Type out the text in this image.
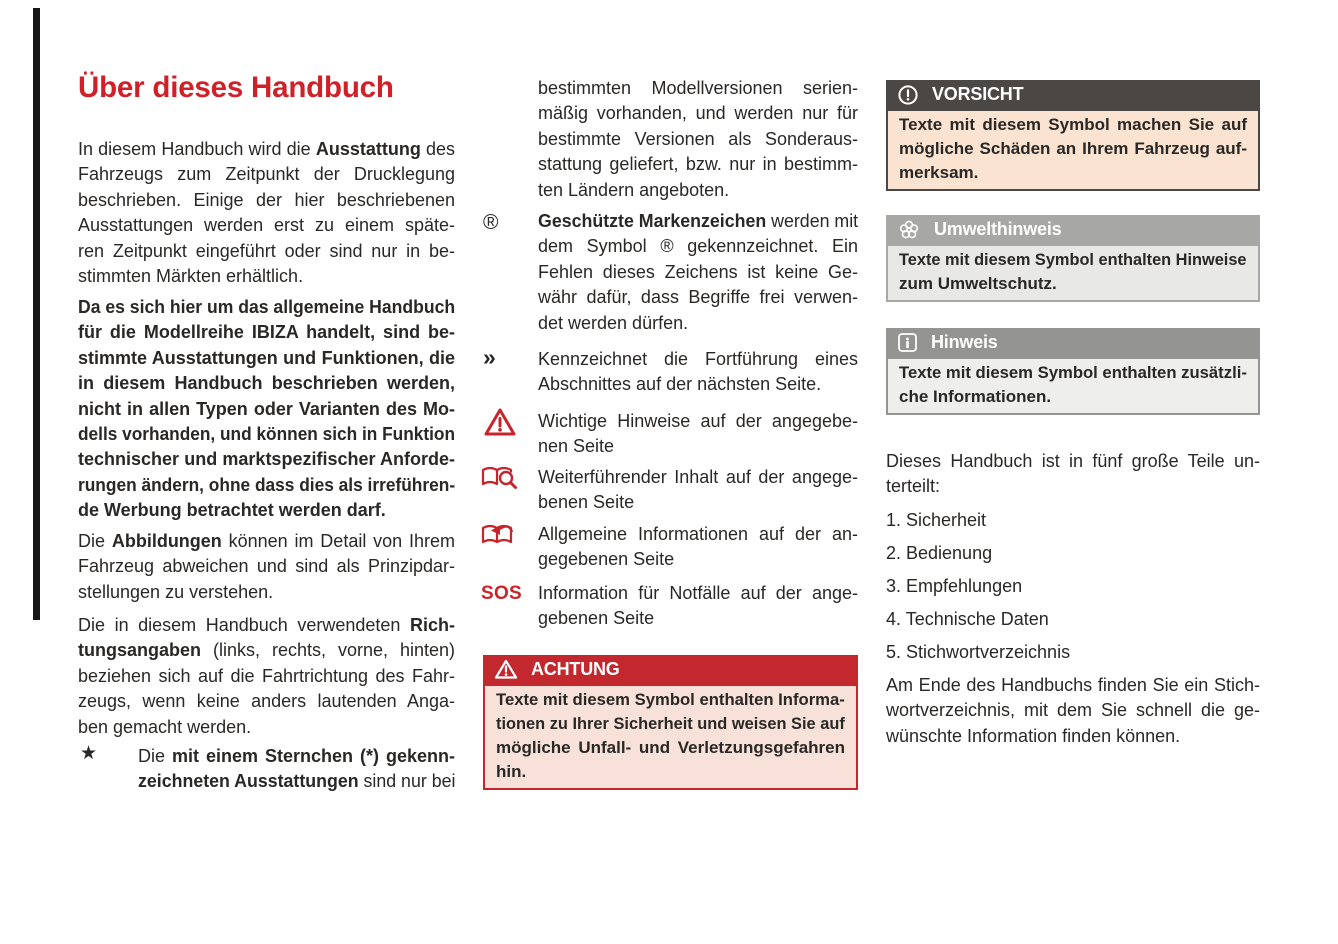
Über dieses Handbuch
In diesem Handbuch wird die Ausstattung des
Fahrzeugs zum Zeitpunkt der Drucklegung
beschrieben. Einige der hier beschriebenen
Ausstattungen werden erst zu einem späte-
ren Zeitpunkt eingeführt oder sind nur in be-
stimmten Märkten erhältlich.
Da es sich hier um das allgemeine Handbuch
für die Modellreihe IBIZA handelt, sind be-
stimmte Ausstattungen und Funktionen, die
in diesem Handbuch beschrieben werden,
nicht in allen Typen oder Varianten des Mo-
dells vorhanden, und können sich in Funktion
technischer und marktspezifischer Anforde-
rungen ändern, ohne dass dies als irreführen-
de Werbung betrachtet werden darf.
Die Abbildungen können im Detail von Ihrem
Fahrzeug abweichen und sind als Prinzipdar-
stellungen zu verstehen.
Die in diesem Handbuch verwendeten Rich-
tungsangaben (links, rechts, vorne, hinten)
beziehen sich auf die Fahrtrichtung des Fahr-
zeugs, wenn keine anders lautenden Anga-
ben gemacht werden.
★ Die mit einem Sternchen (*) gekenn-
zeichneten Ausstattungen sind nur bei
bestimmten Modellversionen serien-
mäßig vorhanden, und werden nur für
bestimmte Versionen als Sonderaus-
stattung geliefert, bzw. nur in bestimm-
ten Ländern angeboten.
® Geschützte Markenzeichen werden mit
dem Symbol ® gekennzeichnet. Ein
Fehlen dieses Zeichens ist keine Ge-
währ dafür, dass Begriffe frei verwen-
det werden dürfen.
» Kennzeichnet die Fortführung eines
Abschnittes auf der nächsten Seite.
Wichtige Hinweise auf der angegebe-
nen Seite
Weiterführender Inhalt auf der angege-
benen Seite
Allgemeine Informationen auf der an-
gegebenen Seite
SOS Information für Notfälle auf der ange-
gebenen Seite
ACHTUNG
Texte mit diesem Symbol enthalten Informa-
tionen zu Ihrer Sicherheit und weisen Sie auf
mögliche Unfall- und Verletzungsgefahren
hin.
VORSICHT
Texte mit diesem Symbol machen Sie auf
mögliche Schäden an Ihrem Fahrzeug auf-
merksam.
Umwelthinweis
Texte mit diesem Symbol enthalten Hinweise
zum Umweltschutz.
Hinweis
Texte mit diesem Symbol enthalten zusätzli-
che Informationen.
Dieses Handbuch ist in fünf große Teile un-
terteilt:
1. Sicherheit
2. Bedienung
3. Empfehlungen
4. Technische Daten
5. Stichwortverzeichnis
Am Ende des Handbuchs finden Sie ein Stich-
wortverzeichnis, mit dem Sie schnell die ge-
wünschte Information finden können.
